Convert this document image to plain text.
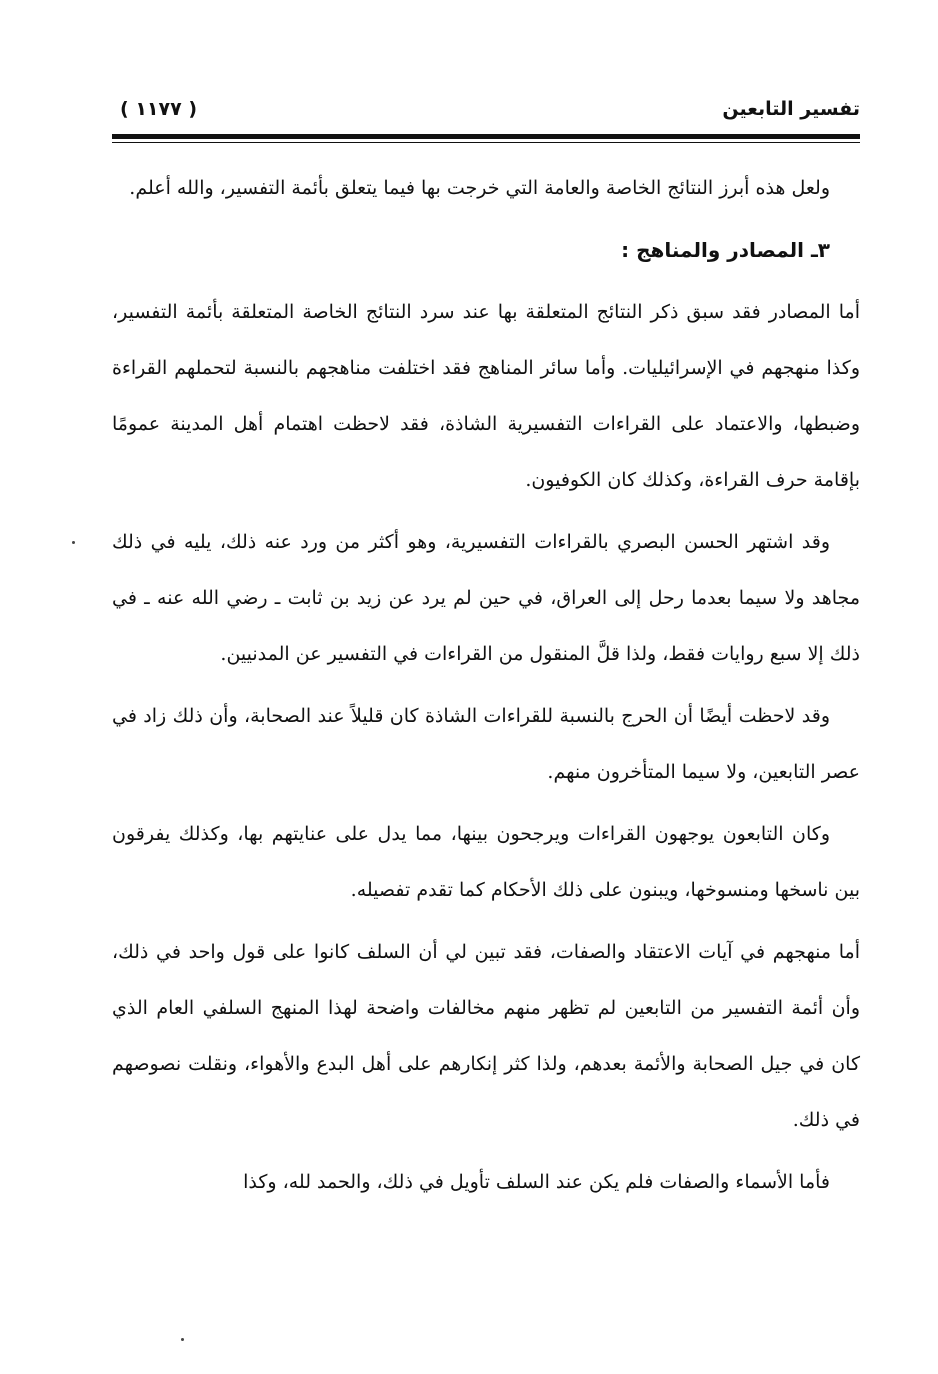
تفسير التابعين
( ١١٧٧ )

ولعل هذه أبرز النتائج الخاصة والعامة التي خرجت بها فيما يتعلق بأئمة التفسير، والله أعلم.

٣ـ المصادر والمناهج :

أما المصادر فقد سبق ذكر النتائج المتعلقة بها عند سرد النتائج الخاصة المتعلقة بأئمة التفسير، وكذا منهجهم في الإسرائيليات. وأما سائر المناهج فقد اختلفت مناهجهم بالنسبة لتحملهم القراءة وضبطها، والاعتماد على القراءات التفسيرية الشاذة، فقد لاحظت اهتمام أهل المدينة عمومًا بإقامة حرف القراءة، وكذلك كان الكوفيون.

وقد اشتهر الحسن البصري بالقراءات التفسيرية، وهو أكثر من ورد عنه ذلك، يليه في ذلك مجاهد ولا سيما بعدما رحل إلى العراق، في حين لم يرد عن زيد بن ثابت ـ رضي الله عنه ـ في ذلك إلا سبع روايات فقط، ولذا قلَّ المنقول من القراءات في التفسير عن المدنيين.

وقد لاحظت أيضًا أن الحرج بالنسبة للقراءات الشاذة كان قليلاً عند الصحابة، وأن ذلك زاد في عصر التابعين، ولا سيما المتأخرون منهم.

وكان التابعون يوجهون القراءات ويرجحون بينها، مما يدل على عنايتهم بها، وكذلك يفرقون بين ناسخها ومنسوخها، ويبنون على ذلك الأحكام كما تقدم تفصيله.

أما منهجهم في آيات الاعتقاد والصفات، فقد تبين لي أن السلف كانوا على قول واحد في ذلك، وأن أئمة التفسير من التابعين لم تظهر منهم مخالفات واضحة لهذا المنهج السلفي العام الذي كان في جيل الصحابة والأئمة بعدهم، ولذا كثر إنكارهم على أهل البدع والأهواء، ونقلت نصوصهم في ذلك.

فأما الأسماء والصفات فلم يكن عند السلف تأويل في ذلك، والحمد لله، وكذا
